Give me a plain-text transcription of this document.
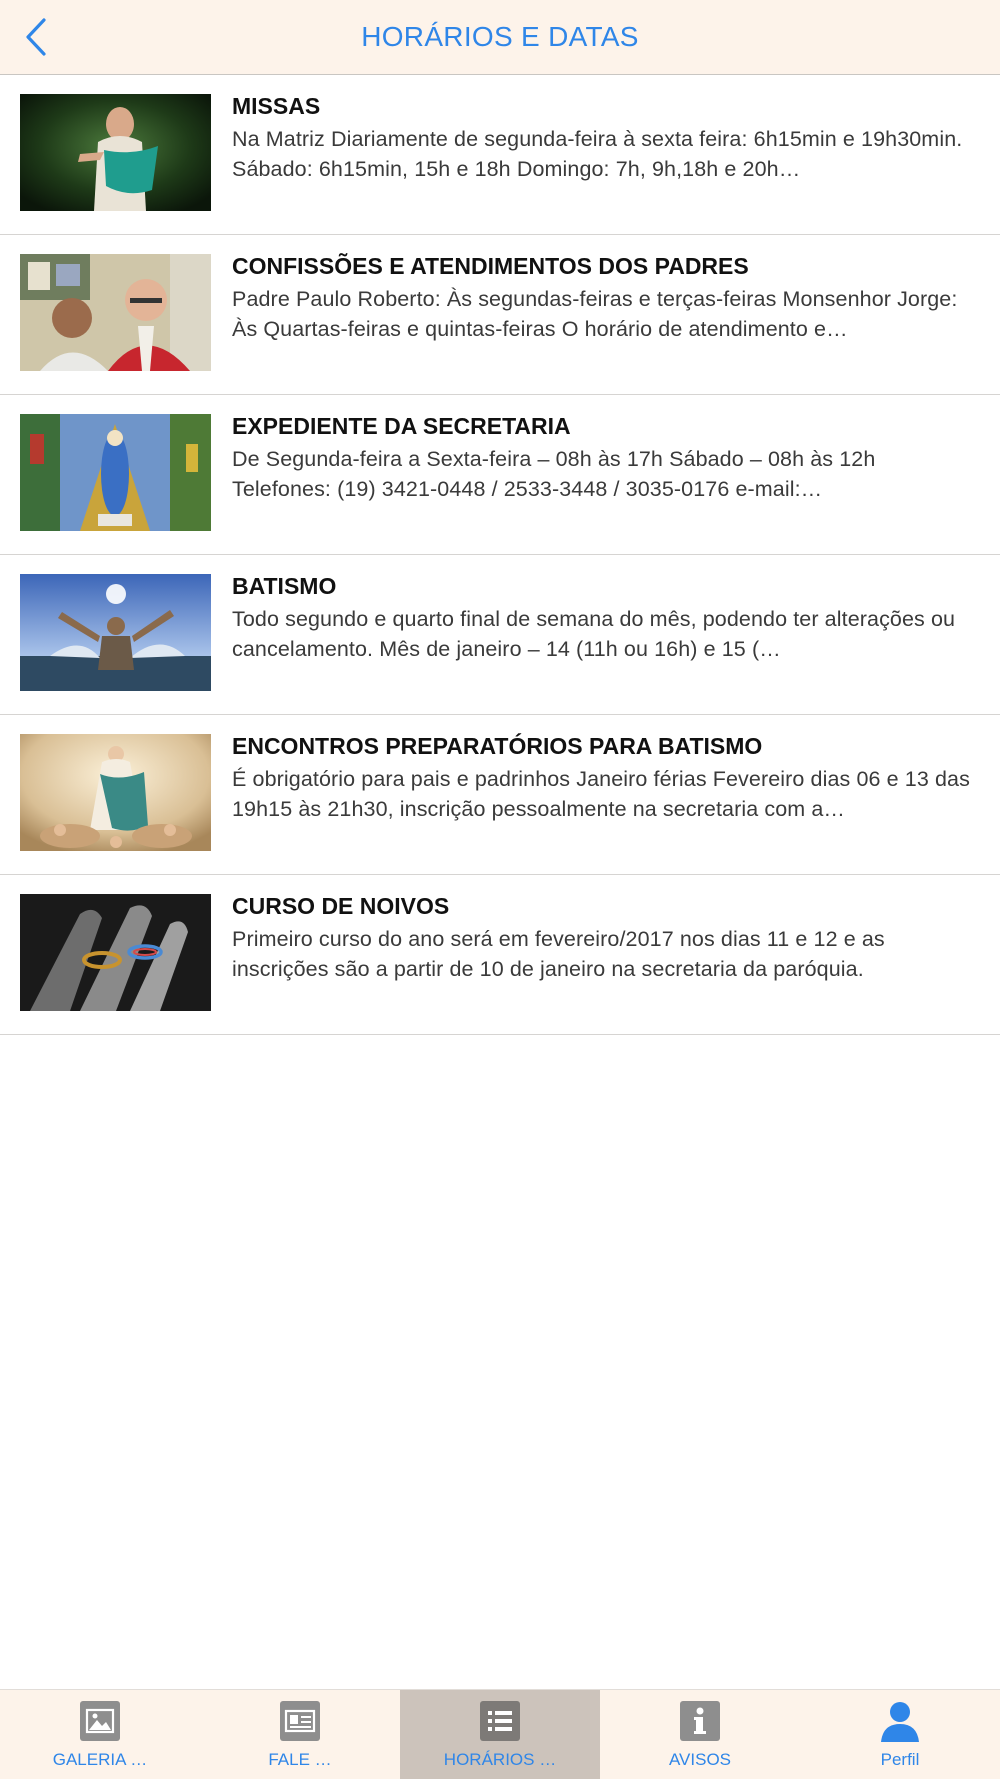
HORÁRIOS E DATAS
MISSAS
Na Matriz Diariamente de segunda-feira à sexta feira: 6h15min e 19h30min. Sábado: 6h15min, 15h e 18h Domingo: 7h, 9h,18h e 20h…
CONFISSÕES E ATENDIMENTOS DOS PADRES
Padre Paulo Roberto: Às segundas-feiras e terças-feiras Monsenhor Jorge: Às Quartas-feiras e quintas-feiras O horário de atendimento e…
EXPEDIENTE DA SECRETARIA
De Segunda-feira a Sexta-feira – 08h às 17h Sábado – 08h às 12h Telefones: (19) 3421-0448 / 2533-3448 / 3035-0176 e-mail:…
BATISMO
Todo segundo e quarto final de semana do mês, podendo ter alterações ou cancelamento. Mês de janeiro – 14 (11h ou 16h) e 15 (…
ENCONTROS PREPARATÓRIOS PARA BATISMO
É obrigatório para pais e padrinhos Janeiro férias Fevereiro dias 06 e 13 das 19h15 às 21h30, inscrição pessoalmente na secretaria com a…
CURSO DE NOIVOS
Primeiro curso do ano será em fevereiro/2017 nos dias 11 e 12 e as inscrições são a partir de 10 de janeiro na secretaria da paróquia.
GALERIA …	FALE …	HORÁRIOS …	AVISOS	Perfil
